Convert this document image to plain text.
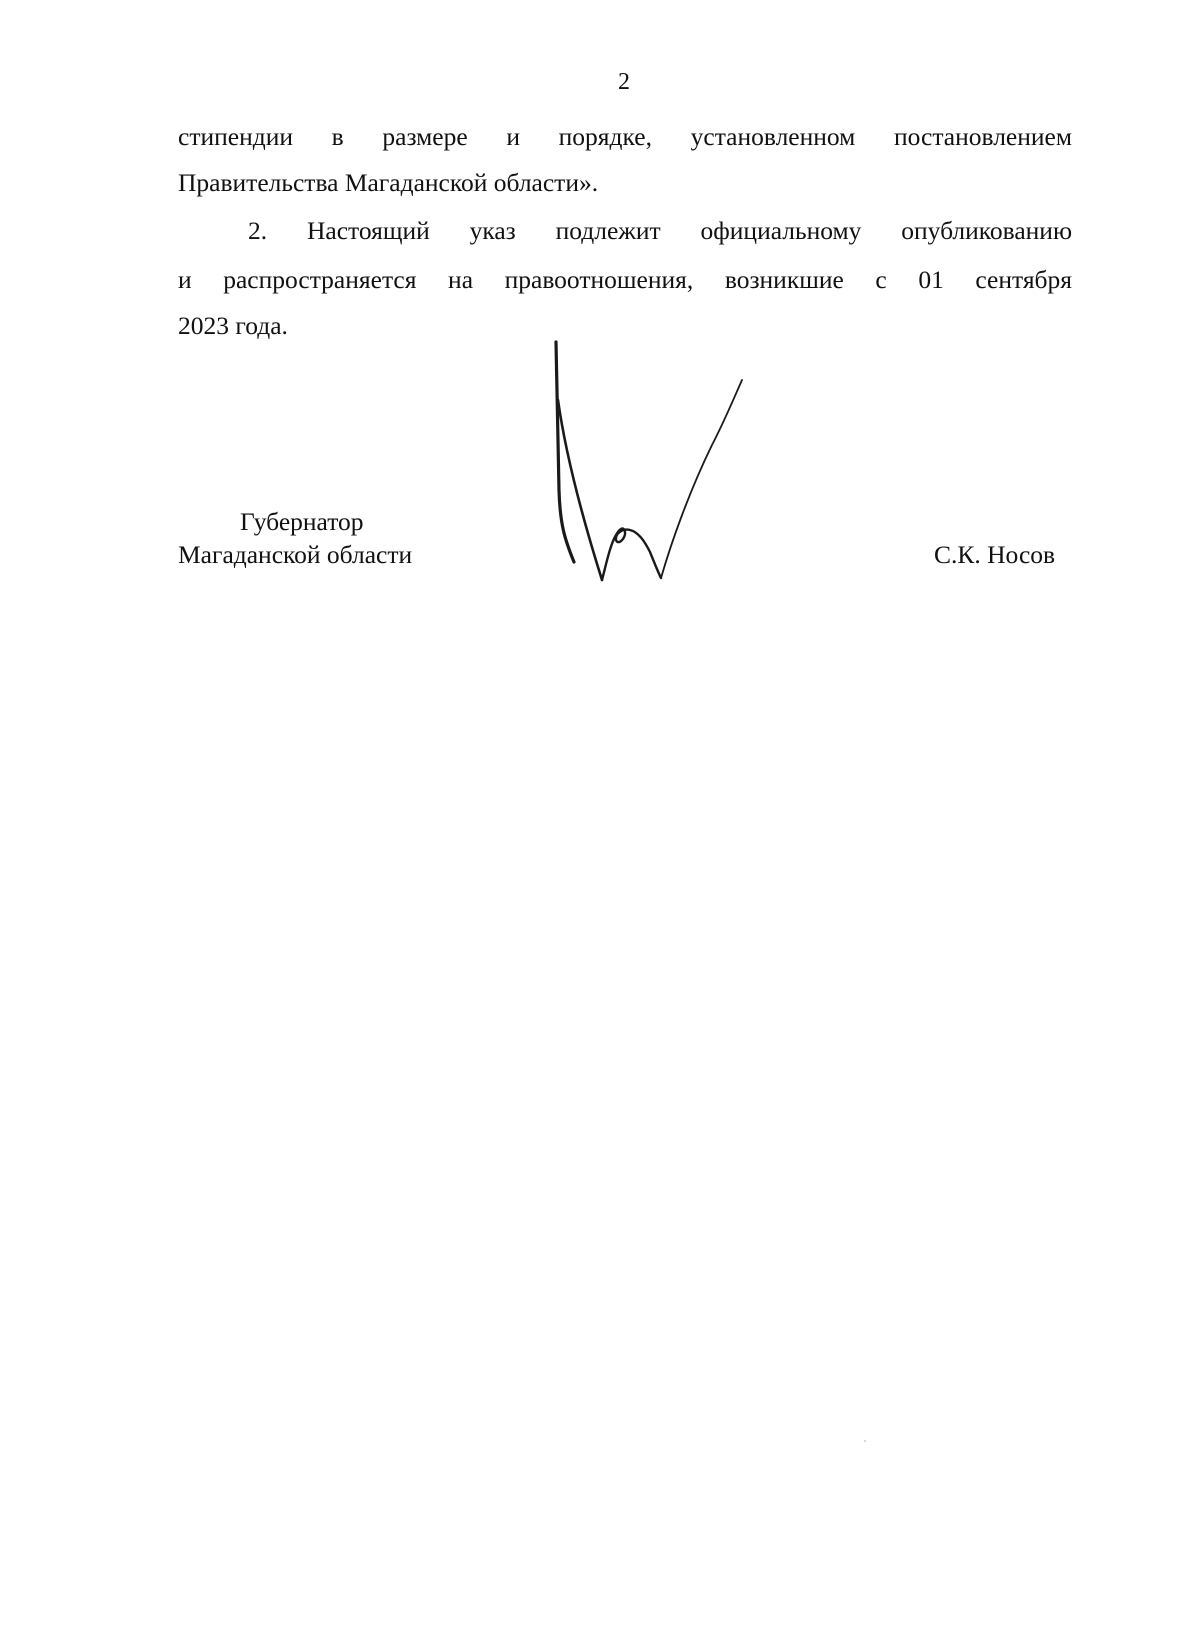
2
стипендии в размере и порядке, установленном постановлением
Правительства Магаданской области».
2. Настоящий указ подлежит официальному опубликованию
и распространяется на правоотношения, возникшие с 01 сентября
2023 года.
Губернатор
Магаданской области	С.К. Носов
